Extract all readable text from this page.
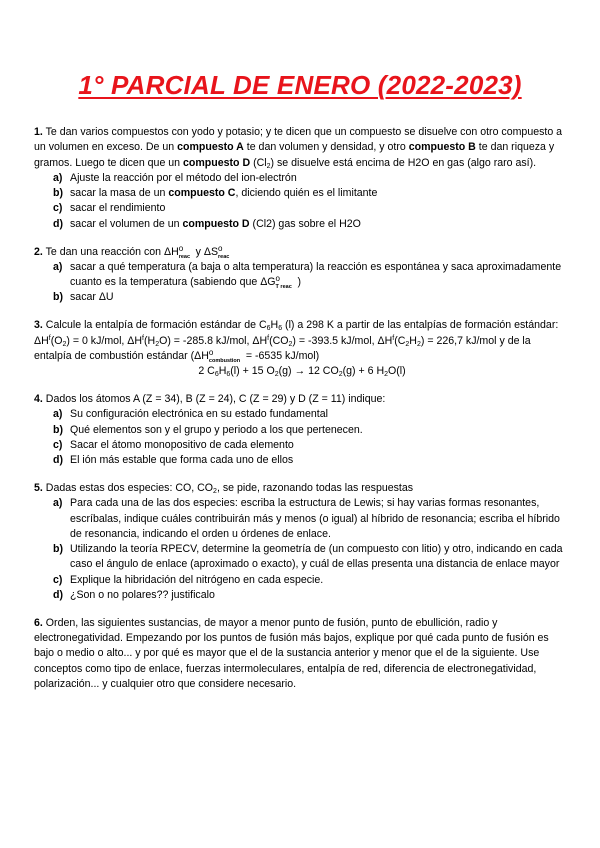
1° PARCIAL DE ENERO (2022-2023)

1. Te dan varios compuestos con yodo y potasio; y te dicen que un compuesto se disuelve con otro compuesto a un volumen en exceso. De un compuesto A te dan volumen y densidad, y otro compuesto B te dan riqueza y gramos. Luego te dicen que un compuesto D $(Cl_2)$ se disuelve está encima de H2O en gas (algo raro así).

a) Ajuste la reacción por el método del ion-electrón
b) sacar la masa de un compuesto C, diciendo quién es el limitante
c) sacar el rendimiento
d) sacar el volumen de un compuesto D (Cl2) gas sobre el H2O

2. Te dan una reacción con ΔH o
reac y ΔS o
reac

a) sacar a qué temperatura (a baja o alta temperatura) la reacción es espontánea y saca aproximadamente cuanto es la temperatura (sabiendo que ΔG o
T reac )
b) sacar ΔU

3. Calcule la entalpía de formación estándar de $C_6H_6$ (l) a 298 K a partir de las entalpías de formación estándar: $\Delta H^f(O_2) = 0$ kJ/mol, $\Delta H^f(H_2O) = -285.8$ kJ/mol, $\Delta H^f(CO_2) = -393.5$ kJ/mol, $\Delta H^f(C_2H_2) = 226,7$ kJ/mol y de la entalpía de combustión estándar (ΔH o
combustion = -6535 kJ/mol)

2 $C_6H_6(l) + 15$ $O_2(g) \to 12$ $CO_2(g) + 6$ $H_2O(l)$

4. Dados los átomos A (Z = 34), B (Z = 24), C (Z = 29) y D (Z = 11) indique:

a) Su configuración electrónica en su estado fundamental
b) Qué elementos son y el grupo y periodo a los que pertenecen.
c) Sacar el átomo monopositivo de cada elemento
d) El ión más estable que forma cada uno de ellos

5. Dadas estas dos especies: CO, $CO_2$, se pide, razonando todas las respuestas

a) Para cada una de las dos especies: escriba la estructura de Lewis; si hay varias formas resonantes, escríbalas, indique cuáles contribuirán más y menos (o igual) al híbrido de resonancia; escriba el híbrido de resonancia, indicando el orden u órdenes de enlace.
b) Utilizando la teoría RPECV, determine la geometría de (un compuesto con litio) y otro, indicando en cada caso el ángulo de enlace (aproximado o exacto), y cuál de ellas presenta una distancia de enlace mayor
c) Explique la hibridación del nitrógeno en cada especie.
d) ¿Son o no polares?? justificalo

6. Orden, las siguientes sustancias, de mayor a menor punto de fusión, punto de ebullición, radio y electronegatividad. Empezando por los puntos de fusión más bajos, explique por qué cada punto de fusión es bajo o medio o alto... y por qué es mayor que el de la sustancia anterior y menor que el de la siguiente. Use conceptos como tipo de enlace, fuerzas intermoleculares, entalpía de red, diferencia de electronegatividad, polarización... y cualquier otro que considere necesario.
